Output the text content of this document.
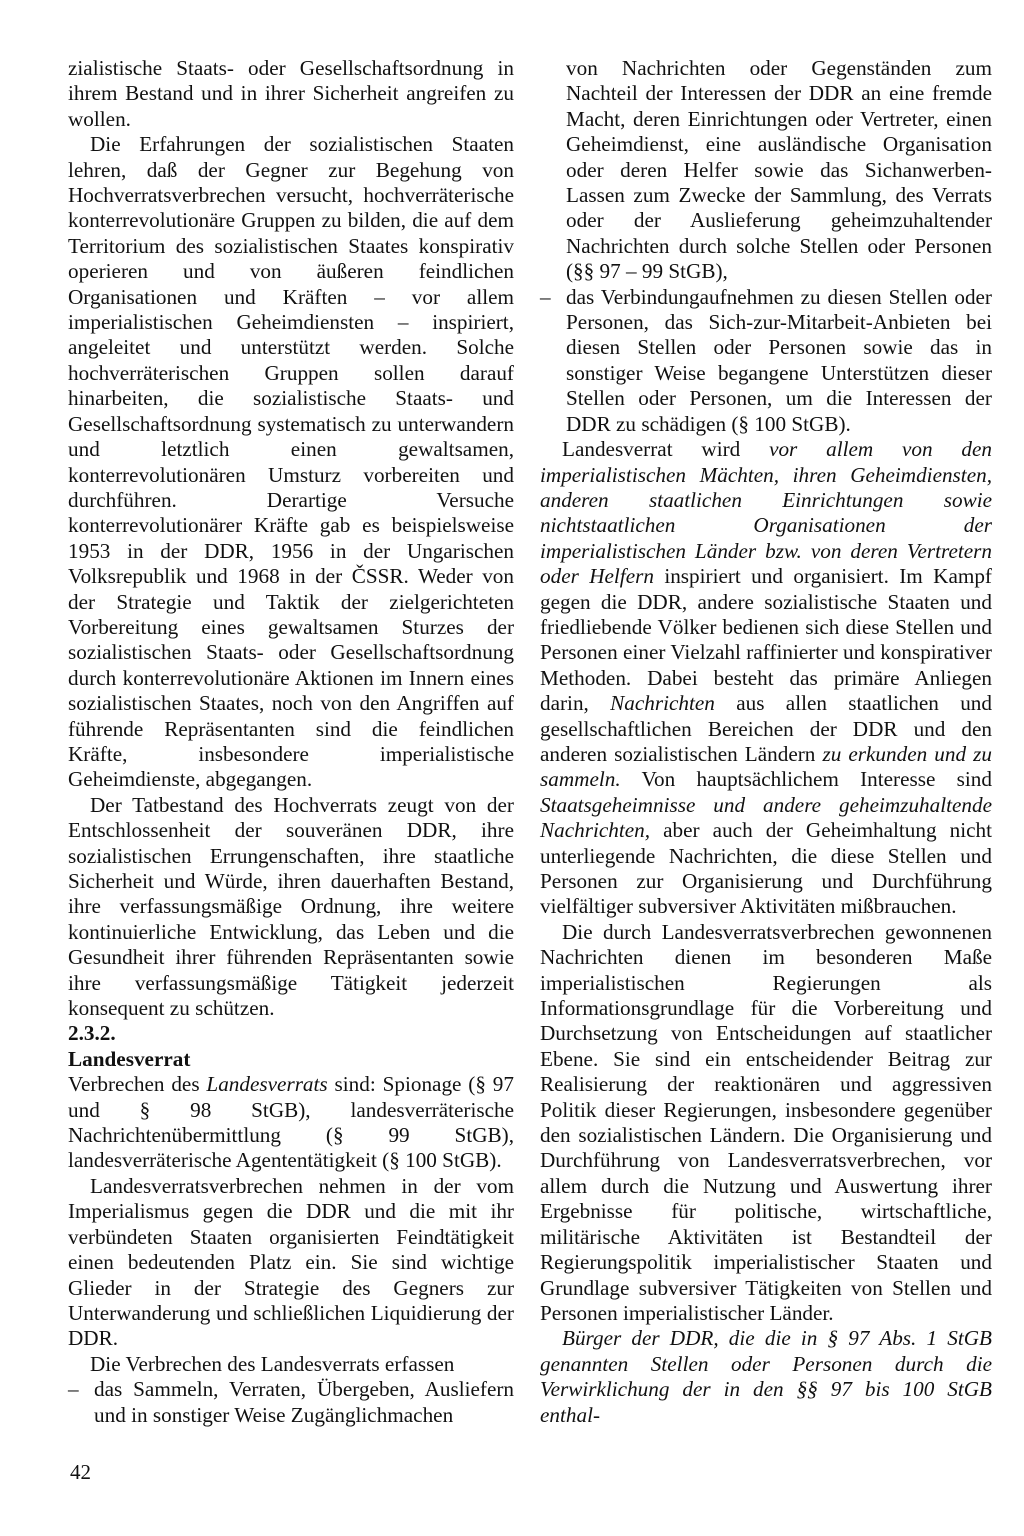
zialistische Staats- oder Gesellschaftsordnung in ihrem Bestand und in ihrer Sicherheit angreifen zu wollen.

Die Erfahrungen der sozialistischen Staaten lehren, daß der Gegner zur Begehung von Hochverratsverbrechen versucht, hochverräterische konterrevolutionäre Gruppen zu bilden, die auf dem Territorium des sozialistischen Staates konspirativ operieren und von äußeren feindlichen Organisationen und Kräften – vor allem imperialistischen Geheimdiensten – inspiriert, angeleitet und unterstützt werden. Solche hochverräterischen Gruppen sollen darauf hinarbeiten, die sozialistische Staats- und Gesellschaftsordnung systematisch zu unterwandern und letztlich einen gewaltsamen, konterrevolutionären Umsturz vorbereiten und durchführen. Derartige Versuche konterrevolutionärer Kräfte gab es beispielsweise 1953 in der DDR, 1956 in der Ungarischen Volksrepublik und 1968 in der ČSSR. Weder von der Strategie und Taktik der zielgerichteten Vorbereitung eines gewaltsamen Sturzes der sozialistischen Staats- oder Gesellschaftsordnung durch konterrevolutionäre Aktionen im Innern eines sozialistischen Staates, noch von den Angriffen auf führende Repräsentanten sind die feindlichen Kräfte, insbesondere imperialistische Geheimdienste, abgegangen.

Der Tatbestand des Hochverrats zeugt von der Entschlossenheit der souveränen DDR, ihre sozialistischen Errungenschaften, ihre staatliche Sicherheit und Würde, ihren dauerhaften Bestand, ihre verfassungsmäßige Ordnung, ihre weitere kontinuierliche Entwicklung, das Leben und die Gesundheit ihrer führenden Repräsentanten sowie ihre verfassungsmäßige Tätigkeit jederzeit konsequent zu schützen.

2.3.2.

Landesverrat

Verbrechen des Landesverrats sind: Spionage (§ 97 und § 98 StGB), landesverräterische Nachrichtenübermittlung (§ 99 StGB), landesverräterische Agententätigkeit (§ 100 StGB).

Landesverratsverbrechen nehmen in der vom Imperialismus gegen die DDR und die mit ihr verbündeten Staaten organisierten Feindtätigkeit einen bedeutenden Platz ein. Sie sind wichtige Glieder in der Strategie des Gegners zur Unterwanderung und schließlichen Liquidierung der DDR.

Die Verbrechen des Landesverrats erfassen

– das Sammeln, Verraten, Übergeben, Ausliefern und in sonstiger Weise Zugänglichmachen

von Nachrichten oder Gegenständen zum Nachteil der Interessen der DDR an eine fremde Macht, deren Einrichtungen oder Vertreter, einen Geheimdienst, eine ausländische Organisation oder deren Helfer sowie das Sichanwerben-Lassen zum Zwecke der Sammlung, des Verrats oder der Auslieferung geheimzuhaltender Nachrichten durch solche Stellen oder Personen (§§ 97 – 99 StGB),

– das Verbindungaufnehmen zu diesen Stellen oder Personen, das Sich-zur-Mitarbeit-Anbieten bei diesen Stellen oder Personen sowie das in sonstiger Weise begangene Unterstützen dieser Stellen oder Personen, um die Interessen der DDR zu schädigen (§ 100 StGB).

Landesverrat wird vor allem von den imperialistischen Mächten, ihren Geheimdiensten, anderen staatlichen Einrichtungen sowie nichtstaatlichen Organisationen der imperialistischen Länder bzw. von deren Vertretern oder Helfern inspiriert und organisiert. Im Kampf gegen die DDR, andere sozialistische Staaten und friedliebende Völker bedienen sich diese Stellen und Personen einer Vielzahl raffinierter und konspirativer Methoden. Dabei besteht das primäre Anliegen darin, Nachrichten aus allen staatlichen und gesellschaftlichen Bereichen der DDR und den anderen sozialistischen Ländern zu erkunden und zu sammeln. Von hauptsächlichem Interesse sind Staatsgeheimnisse und andere geheimzuhaltende Nachrichten, aber auch der Geheimhaltung nicht unterliegende Nachrichten, die diese Stellen und Personen zur Organisierung und Durchführung vielfältiger subversiver Aktivitäten mißbrauchen.

Die durch Landesverratsverbrechen gewonnenen Nachrichten dienen im besonderen Maße imperialistischen Regierungen als Informationsgrundlage für die Vorbereitung und Durchsetzung von Entscheidungen auf staatlicher Ebene. Sie sind ein entscheidender Beitrag zur Realisierung der reaktionären und aggressiven Politik dieser Regierungen, insbesondere gegenüber den sozialistischen Ländern. Die Organisierung und Durchführung von Landesverratsverbrechen, vor allem durch die Nutzung und Auswertung ihrer Ergebnisse für politische, wirtschaftliche, militärische Aktivitäten ist Bestandteil der Regierungspolitik imperialistischer Staaten und Grundlage subversiver Tätigkeiten von Stellen und Personen imperialistischer Länder.

Bürger der DDR, die die in § 97 Abs. 1 StGB genannten Stellen oder Personen durch die Verwirklichung der in den §§ 97 bis 100 StGB enthal-

42
